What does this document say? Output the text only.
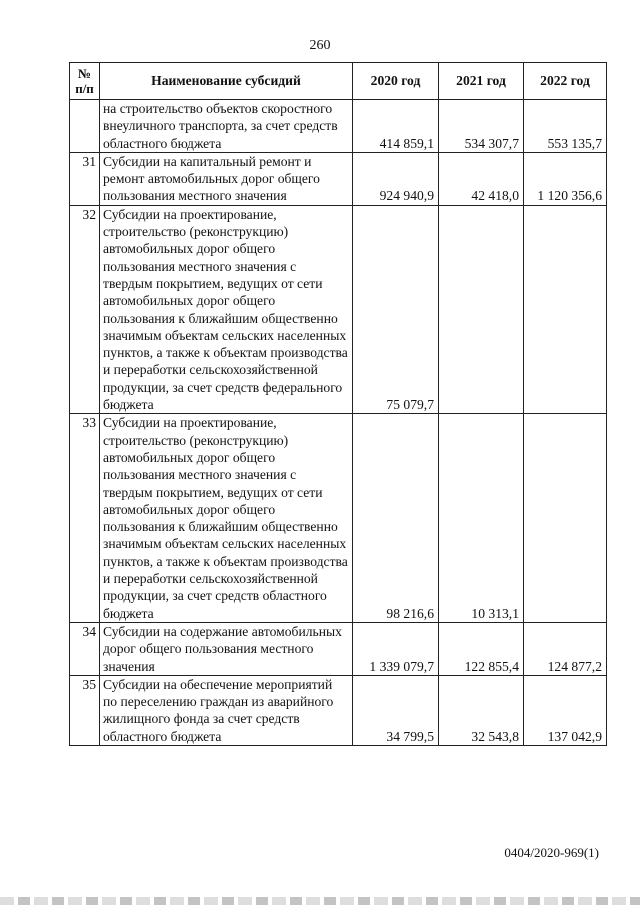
260
№ п/п	Наименование субсидий	2020 год	2021 год	2022 год
	на строительство объектов скоростного внеуличного транспорта, за счет средств областного бюджета	414 859,1	534 307,7	553 135,7
31	Субсидии на капитальный ремонт и ремонт автомобильных дорог общего пользования местного значения	924 940,9	42 418,0	1 120 356,6
32	Субсидии на проектирование, строительство (реконструкцию) автомобильных дорог общего пользования местного значения с твердым покрытием, ведущих от сети автомобильных дорог общего пользования к ближайшим общественно значимым объектам сельских населенных пунктов, а также к объектам производства и переработки сельскохозяйственной продукции, за счет средств федерального бюджета	75 079,7		
33	Субсидии на проектирование, строительство (реконструкцию) автомобильных дорог общего пользования местного значения с твердым покрытием, ведущих от сети автомобильных дорог общего пользования к ближайшим общественно значимым объектам сельских населенных пунктов, а также к объектам производства и переработки сельскохозяйственной продукции, за счет средств областного бюджета	98 216,6	10 313,1	
34	Субсидии на содержание автомобильных дорог общего пользования местного значения	1 339 079,7	122 855,4	124 877,2
35	Субсидии на обеспечение мероприятий по переселению граждан из аварийного жилищного фонда за счет средств областного бюджета	34 799,5	32 543,8	137 042,9
0404/2020-969(1)
